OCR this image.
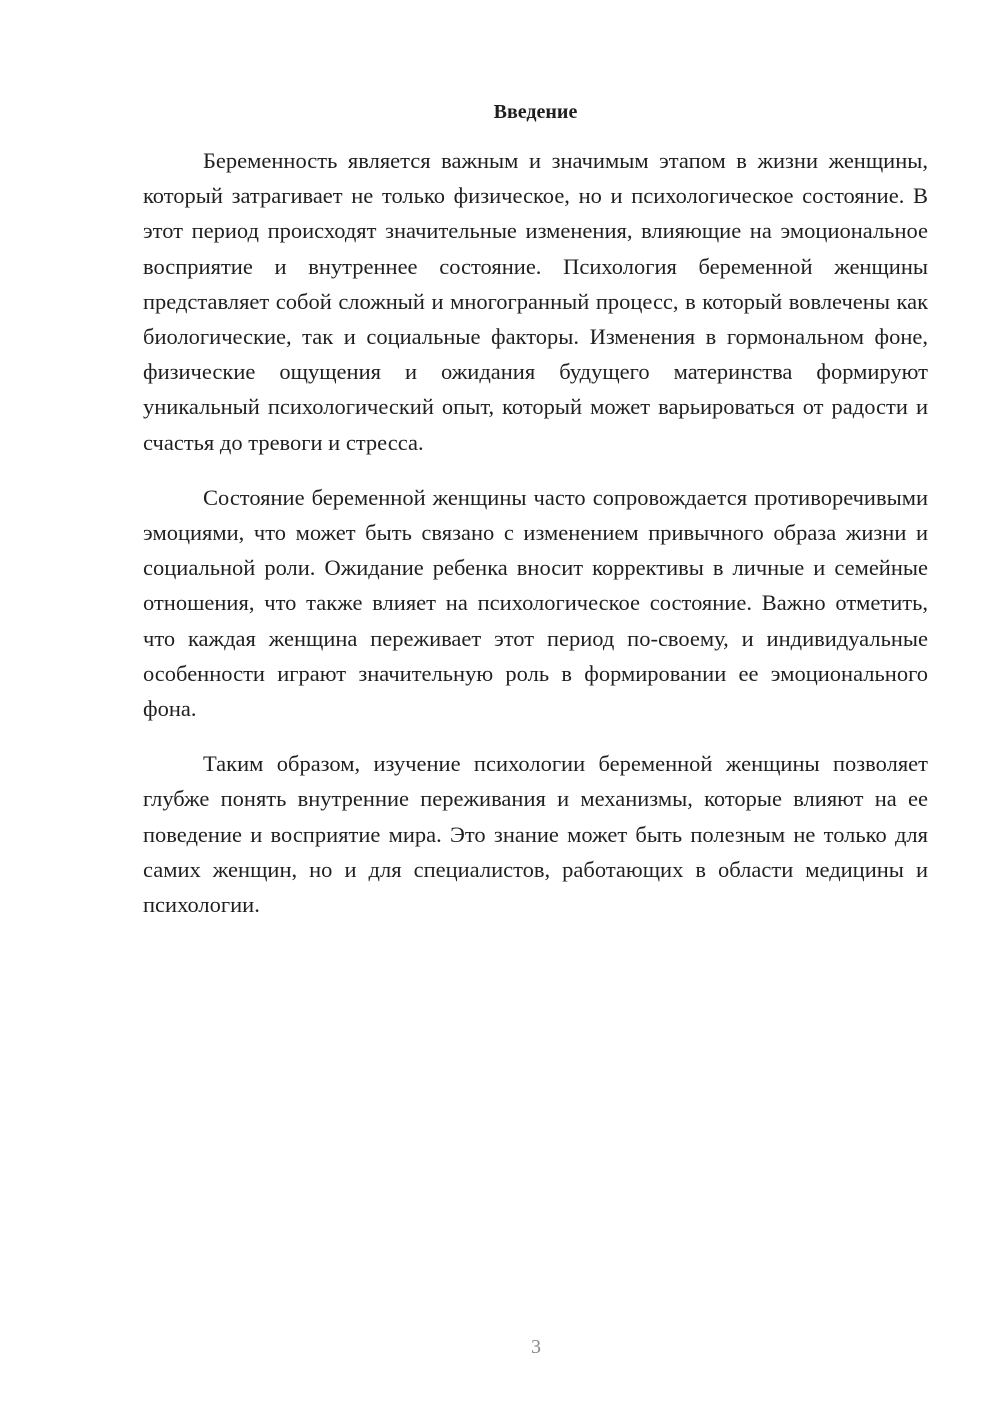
Введение

Беременность является важным и значимым этапом в жизни женщины, который затрагивает не только физическое, но и психологическое состояние. В этот период происходят значительные изменения, влияющие на эмоциональное восприятие и внутреннее состояние. Психология беременной женщины представляет собой сложный и многогранный процесс, в который вовлечены как биологические, так и социальные факторы. Изменения в гормональном фоне, физические ощущения и ожидания будущего материнства формируют уникальный психологический опыт, который может варьироваться от радости и счастья до тревоги и стресса.

Состояние беременной женщины часто сопровождается противоречивыми эмоциями, что может быть связано с изменением привычного образа жизни и социальной роли. Ожидание ребенка вносит коррективы в личные и семейные отношения, что также влияет на психологическое состояние. Важно отметить, что каждая женщина переживает этот период по-своему, и индивидуальные особенности играют значительную роль в формировании ее эмоционального фона.

Таким образом, изучение психологии беременной женщины позволяет глубже понять внутренние переживания и механизмы, которые влияют на ее поведение и восприятие мира. Это знание может быть полезным не только для самих женщин, но и для специалистов, работающих в области медицины и психологии.

3
